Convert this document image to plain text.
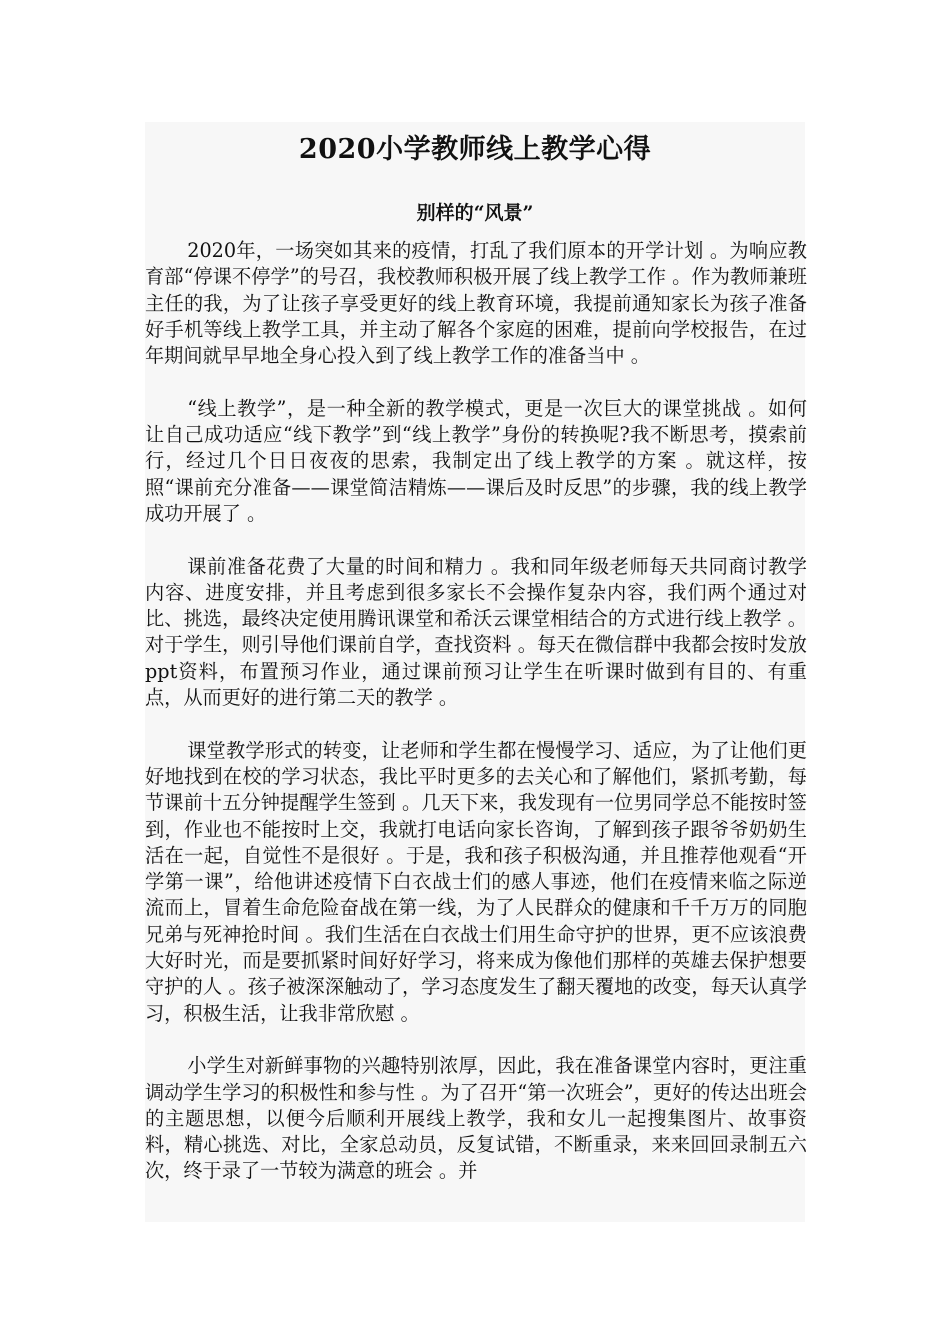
2020小学教师线上教学心得
别样的“风景”

2020年，一场突如其来的疫情，打乱了我们原本的开学计划 。为响应教育部“停课不停学”的号召，我校教师积极开展了线上教学工作 。作为教师兼班主任的我，为了让孩子享受更好的线上教育环境，我提前通知家长为孩子准备好手机等线上教学工具，并主动了解各个家庭的困难，提前向学校报告，在过年期间就早早地全身心投入到了线上教学工作的准备当中 。

“线上教学”，是一种全新的教学模式，更是一次巨大的课堂挑战 。如何让自己成功适应“线下教学”到“线上教学”身份的转换呢?我不断思考，摸索前行，经过几个日日夜夜的思索，我制定出了线上教学的方案 。就这样，按照“课前充分准备——课堂简洁精炼——课后及时反思”的步骤，我的线上教学成功开展了 。

课前准备花费了大量的时间和精力 。我和同年级老师每天共同商讨教学内容、进度安排，并且考虑到很多家长不会操作复杂内容，我们两个通过对比、挑选，最终决定使用腾讯课堂和希沃云课堂相结合的方式进行线上教学 。对于学生，则引导他们课前自学，查找资料 。每天在微信群中我都会按时发放ppt资料，布置预习作业，通过课前预习让学生在听课时做到有目的、有重点，从而更好的进行第二天的教学 。

课堂教学形式的转变，让老师和学生都在慢慢学习、适应，为了让他们更好地找到在校的学习状态，我比平时更多的去关心和了解他们，紧抓考勤，每节课前十五分钟提醒学生签到 。几天下来，我发现有一位男同学总不能按时签到，作业也不能按时上交，我就打电话向家长咨询，了解到孩子跟爷爷奶奶生活在一起，自觉性不是很好 。于是，我和孩子积极沟通，并且推荐他观看“开学第一课”，给他讲述疫情下白衣战士们的感人事迹，他们在疫情来临之际逆流而上，冒着生命危险奋战在第一线，为了人民群众的健康和千千万万的同胞兄弟与死神抢时间 。我们生活在白衣战士们用生命守护的世界，更不应该浪费大好时光，而是要抓紧时间好好学习，将来成为像他们那样的英雄去保护想要守护的人 。孩子被深深触动了，学习态度发生了翻天覆地的改变，每天认真学习，积极生活，让我非常欣慰 。

小学生对新鲜事物的兴趣特别浓厚，因此，我在准备课堂内容时，更注重调动学生学习的积极性和参与性 。为了召开“第一次班会”，更好的传达出班会的主题思想，以便今后顺利开展线上教学，我和女儿一起搜集图片、故事资料，精心挑选、对比，全家总动员，反复试错，不断重录，来来回回录制五六次，终于录了一节较为满意的班会 。并
